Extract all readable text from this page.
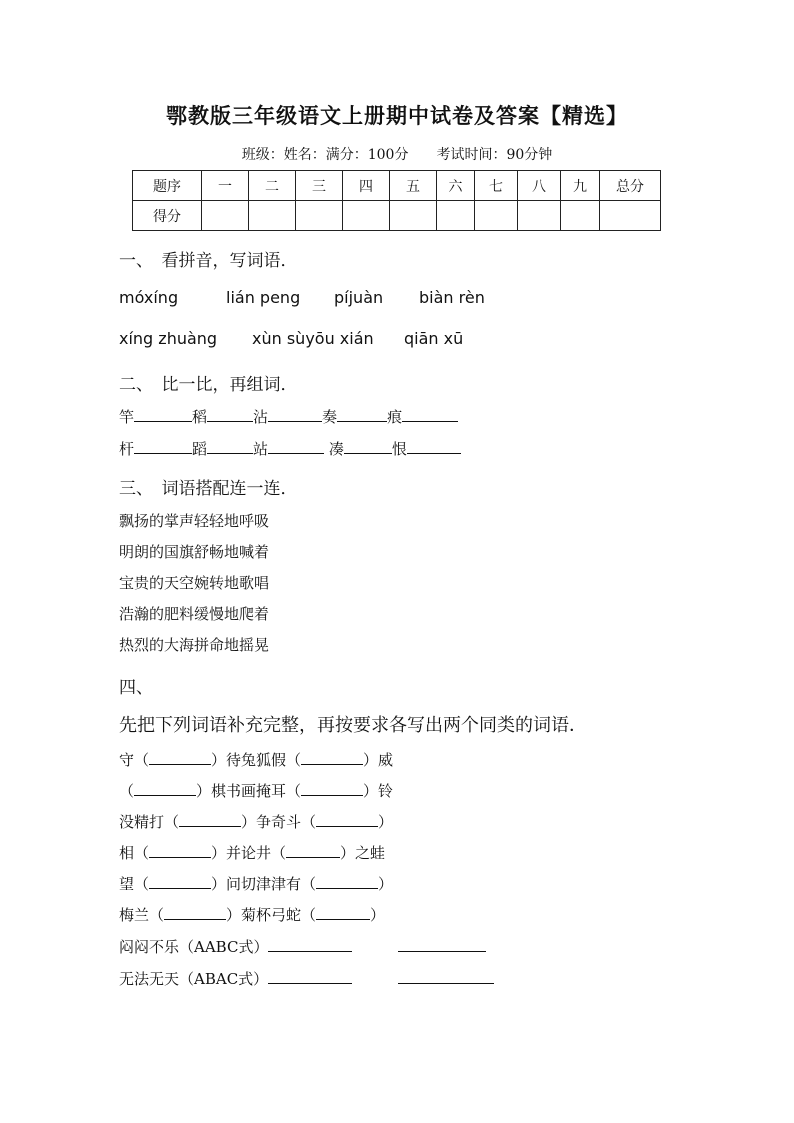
鄂教版三年级语文上册期中试卷及答案【精选】
班级：姓名：满分：100分　　考试时间：90分钟
题序	一	二	三	四	五	六	七	八	九	总分
得分										
一、　看拼音，写词语．
móxíng	lián peng píjuàn biàn rèn
xíng zhuàng xùn sùyōu xián qiān xū
二、　比一比，再组词．
竿	稻	沾	奏	痕
杆	蹈	站	凑	恨
三、　词语搭配连一连．
飘扬的掌声轻轻地呼吸
明朗的国旗舒畅地喊着
宝贵的天空婉转地歌唱
浩瀚的肥料缓慢地爬着
热烈的大海拼命地摇晃
四、
先把下列词语补充完整，再按要求各写出两个同类的词语．
守（	）待兔狐假（	）威
（	）棋书画掩耳（	）铃
没精打（	）争奇斗（	）
相（	）并论井（	）之蛙
望（	）问切津津有（	）
梅兰（	）菊杯弓蛇（	）
闷闷不乐（AABC式）
无法无天（ABAC式）
